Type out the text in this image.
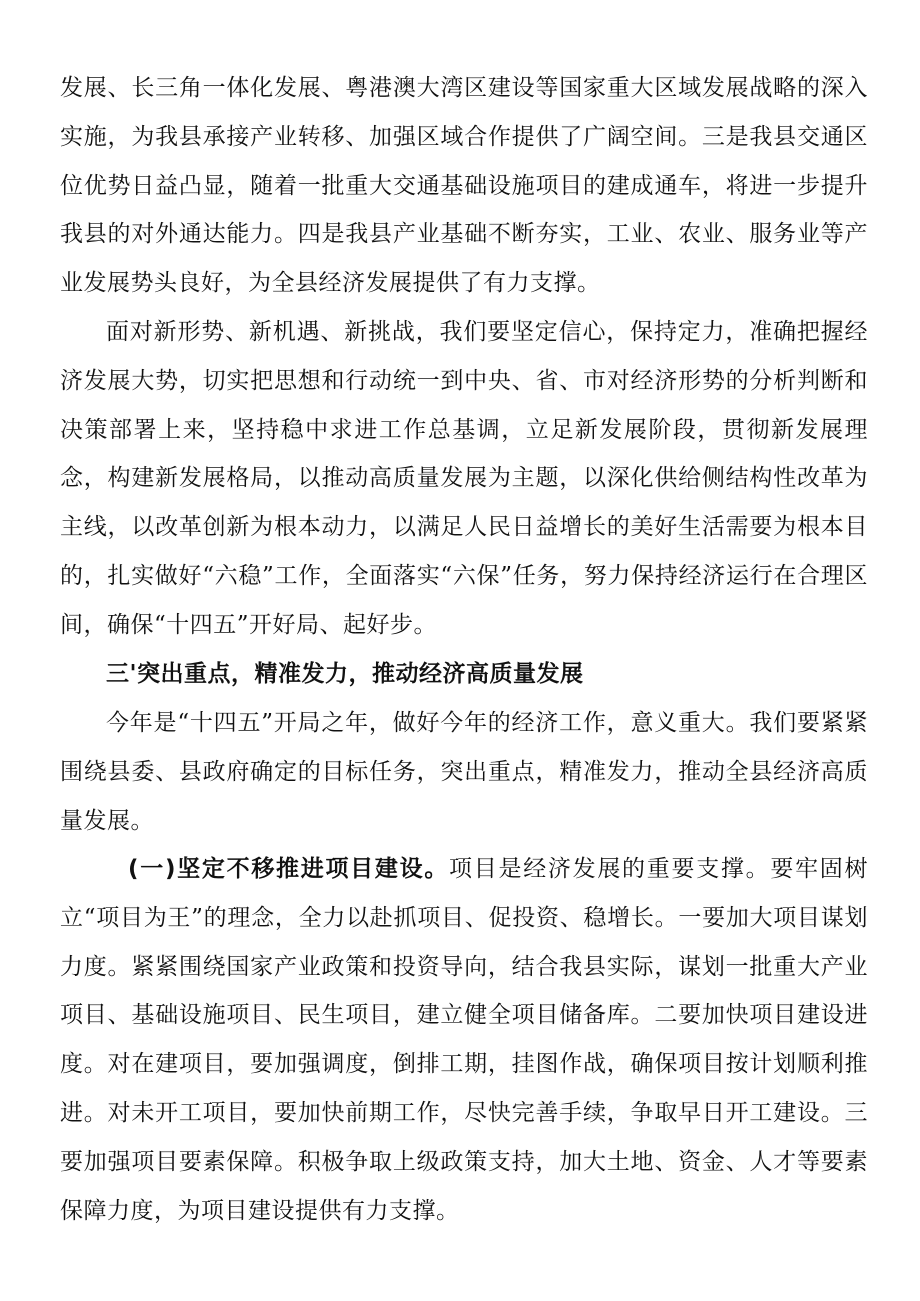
发展、长三角一体化发展、粤港澳大湾区建设等国家重大区域发展战略的深入实施，为我县承接产业转移、加强区域合作提供了广阔空间。三是我县交通区位优势日益凸显，随着一批重大交通基础设施项目的建成通车，将进一步提升我县的对外通达能力。四是我县产业基础不断夯实，工业、农业、服务业等产业发展势头良好，为全县经济发展提供了有力支撑。

面对新形势、新机遇、新挑战，我们要坚定信心，保持定力，准确把握经济发展大势，切实把思想和行动统一到中央、省、市对经济形势的分析判断和决策部署上来，坚持稳中求进工作总基调，立足新发展阶段，贯彻新发展理念，构建新发展格局，以推动高质量发展为主题，以深化供给侧结构性改革为主线，以改革创新为根本动力，以满足人民日益增长的美好生活需要为根本目的，扎实做好“六稳”工作，全面落实“六保”任务，努力保持经济运行在合理区间，确保“十四五”开好局、起好步。

三'突出重点，精准发力，推动经济高质量发展

今年是“十四五”开局之年，做好今年的经济工作，意义重大。我们要紧紧围绕县委、县政府确定的目标任务，突出重点，精准发力，推动全县经济高质量发展。

(一)坚定不移推进项目建设。项目是经济发展的重要支撑。要牢固树立“项目为王”的理念，全力以赴抓项目、促投资、稳增长。一要加大项目谋划力度。紧紧围绕国家产业政策和投资导向，结合我县实际，谋划一批重大产业项目、基础设施项目、民生项目，建立健全项目储备库。二要加快项目建设进度。对在建项目，要加强调度，倒排工期，挂图作战，确保项目按计划顺利推进。对未开工项目，要加快前期工作，尽快完善手续，争取早日开工建设。三要加强项目要素保障。积极争取上级政策支持，加大土地、资金、人才等要素保障力度，为项目建设提供有力支撑。
